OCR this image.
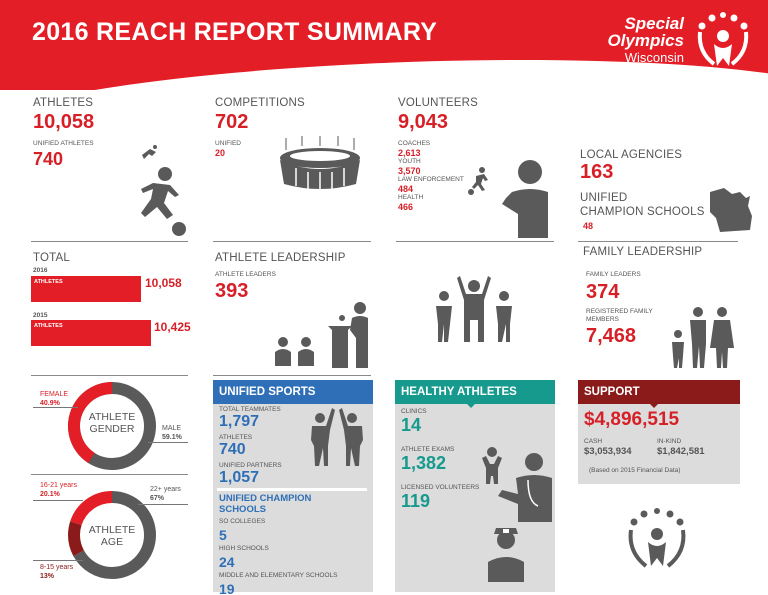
2016 REACH REPORT SUMMARY	Special
Olympics
Wisconsin
ATHLETES
10,058
UNIFIED ATHLETES
740
COMPETITIONS
702
UNIFIED
20
VOLUNTEERS
9,043
COACHES
2,613
YOUTH
3,570
LAW ENFORCEMENT
484
HEALTH
466
LOCAL AGENCIES
163
UNIFIED
CHAMPION SCHOOLS
48
TOTAL
2016
ATHLETES	10,058
2015
ATHLETES	10,425
ATHLETE LEADERSHIP
ATHLETE LEADERS
393
FAMILY LEADERSHIP
FAMILY LEADERS
374
REGISTERED FAMILY MEMBERS
7,468
ATHLETE
GENDER
FEMALE
40.9%
MALE
59.1%
ATHLETE
AGE
16-21 years
20.1%
22+ years
67%
8-15 years
13%
UNIFIED SPORTS
TOTAL TEAMMATES
1,797
ATHLETES
740
UNIFIED PARTNERS
1,057
UNIFIED CHAMPION
SCHOOLS
SO COLLEGES
5
HIGH SCHOOLS
24
MIDDLE AND ELEMENTARY SCHOOLS
19
HEALTHY ATHLETES
CLINICS
14
ATHLETE EXAMS
1,382
LICENSED VOLUNTEERS
119
SUPPORT
$4,896,515
CASH
$3,053,934
IN-KIND
$1,842,581
(Based on 2015 Financial Data)
